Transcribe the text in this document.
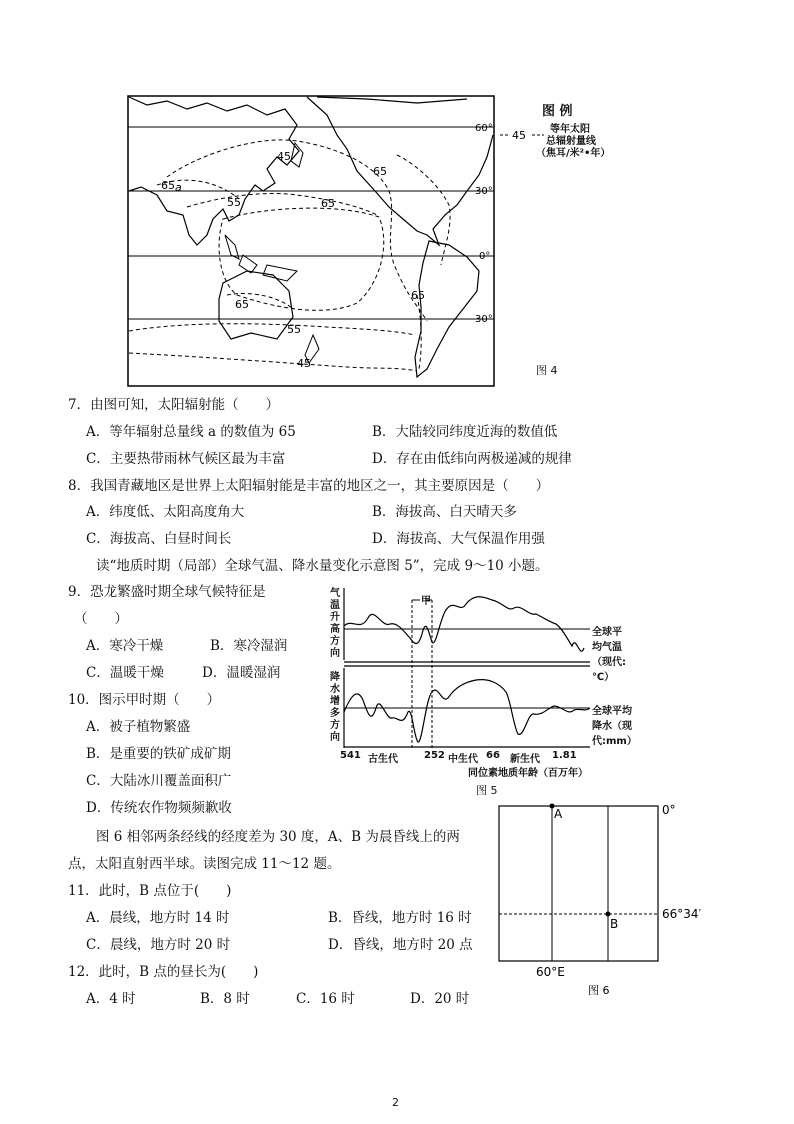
60°
30°
0°
30°
45
65 a
55	65
65
65
55
45
65
图 例
45 等年太阳
总辐射量线
（焦耳/米²•年）
图 4
7．由图可知，太阳辐射能（　　）
A．等年辐射总量线 a 的数值为 65	B．大陆较同纬度近海的数值低
C．主要热带雨林气候区最为丰富	D．存在由低纬向两极递减的规律
8．我国青藏地区是世界上太阳辐射能是丰富的地区之一，其主要原因是（　　）
A．纬度低、太阳高度角大	B．海拔高、白天晴天多
C．海拔高、白昼时间长	D．海拔高、大气保温作用强
读“地质时期（局部）全球气温、降水量变化示意图 5”，完成 9～10 小题。
9．恐龙繁盛时期全球气候特征是
（　　）
A．寒冷干燥	B．寒冷湿润
C．温暖干燥	D．温暖湿润
10．图示甲时期（　　）
A．被子植物繁盛
B．是重要的铁矿成矿期
C．大陆冰川覆盖面积广
D．传统农作物频频歉收
气
温
升
高
方
向
降
水
增
多
方
向
甲
全球平均气温（现代:℃）
全球平均降水（现代:mm）
541 古生代	252 中生代 66 新生代 1.81
同位素地质年龄（百万年）
图 5
图 6 相邻两条经线的经度差为 30 度，A、B 为晨昏线上的两
点，太阳直射西半球。读图完成 11～12 题。
11．此时，B 点位于(　　)
A．晨线，地方时 14 时	B．昏线，地方时 16 时
C．晨线，地方时 20 时	D．昏线，地方时 20 点
12．此时，B 点的昼长为(　　)
A．4 时	B．8 时	C．16 时	D．20 时
A
B
0°
66°34′
60°E
图 6
2
